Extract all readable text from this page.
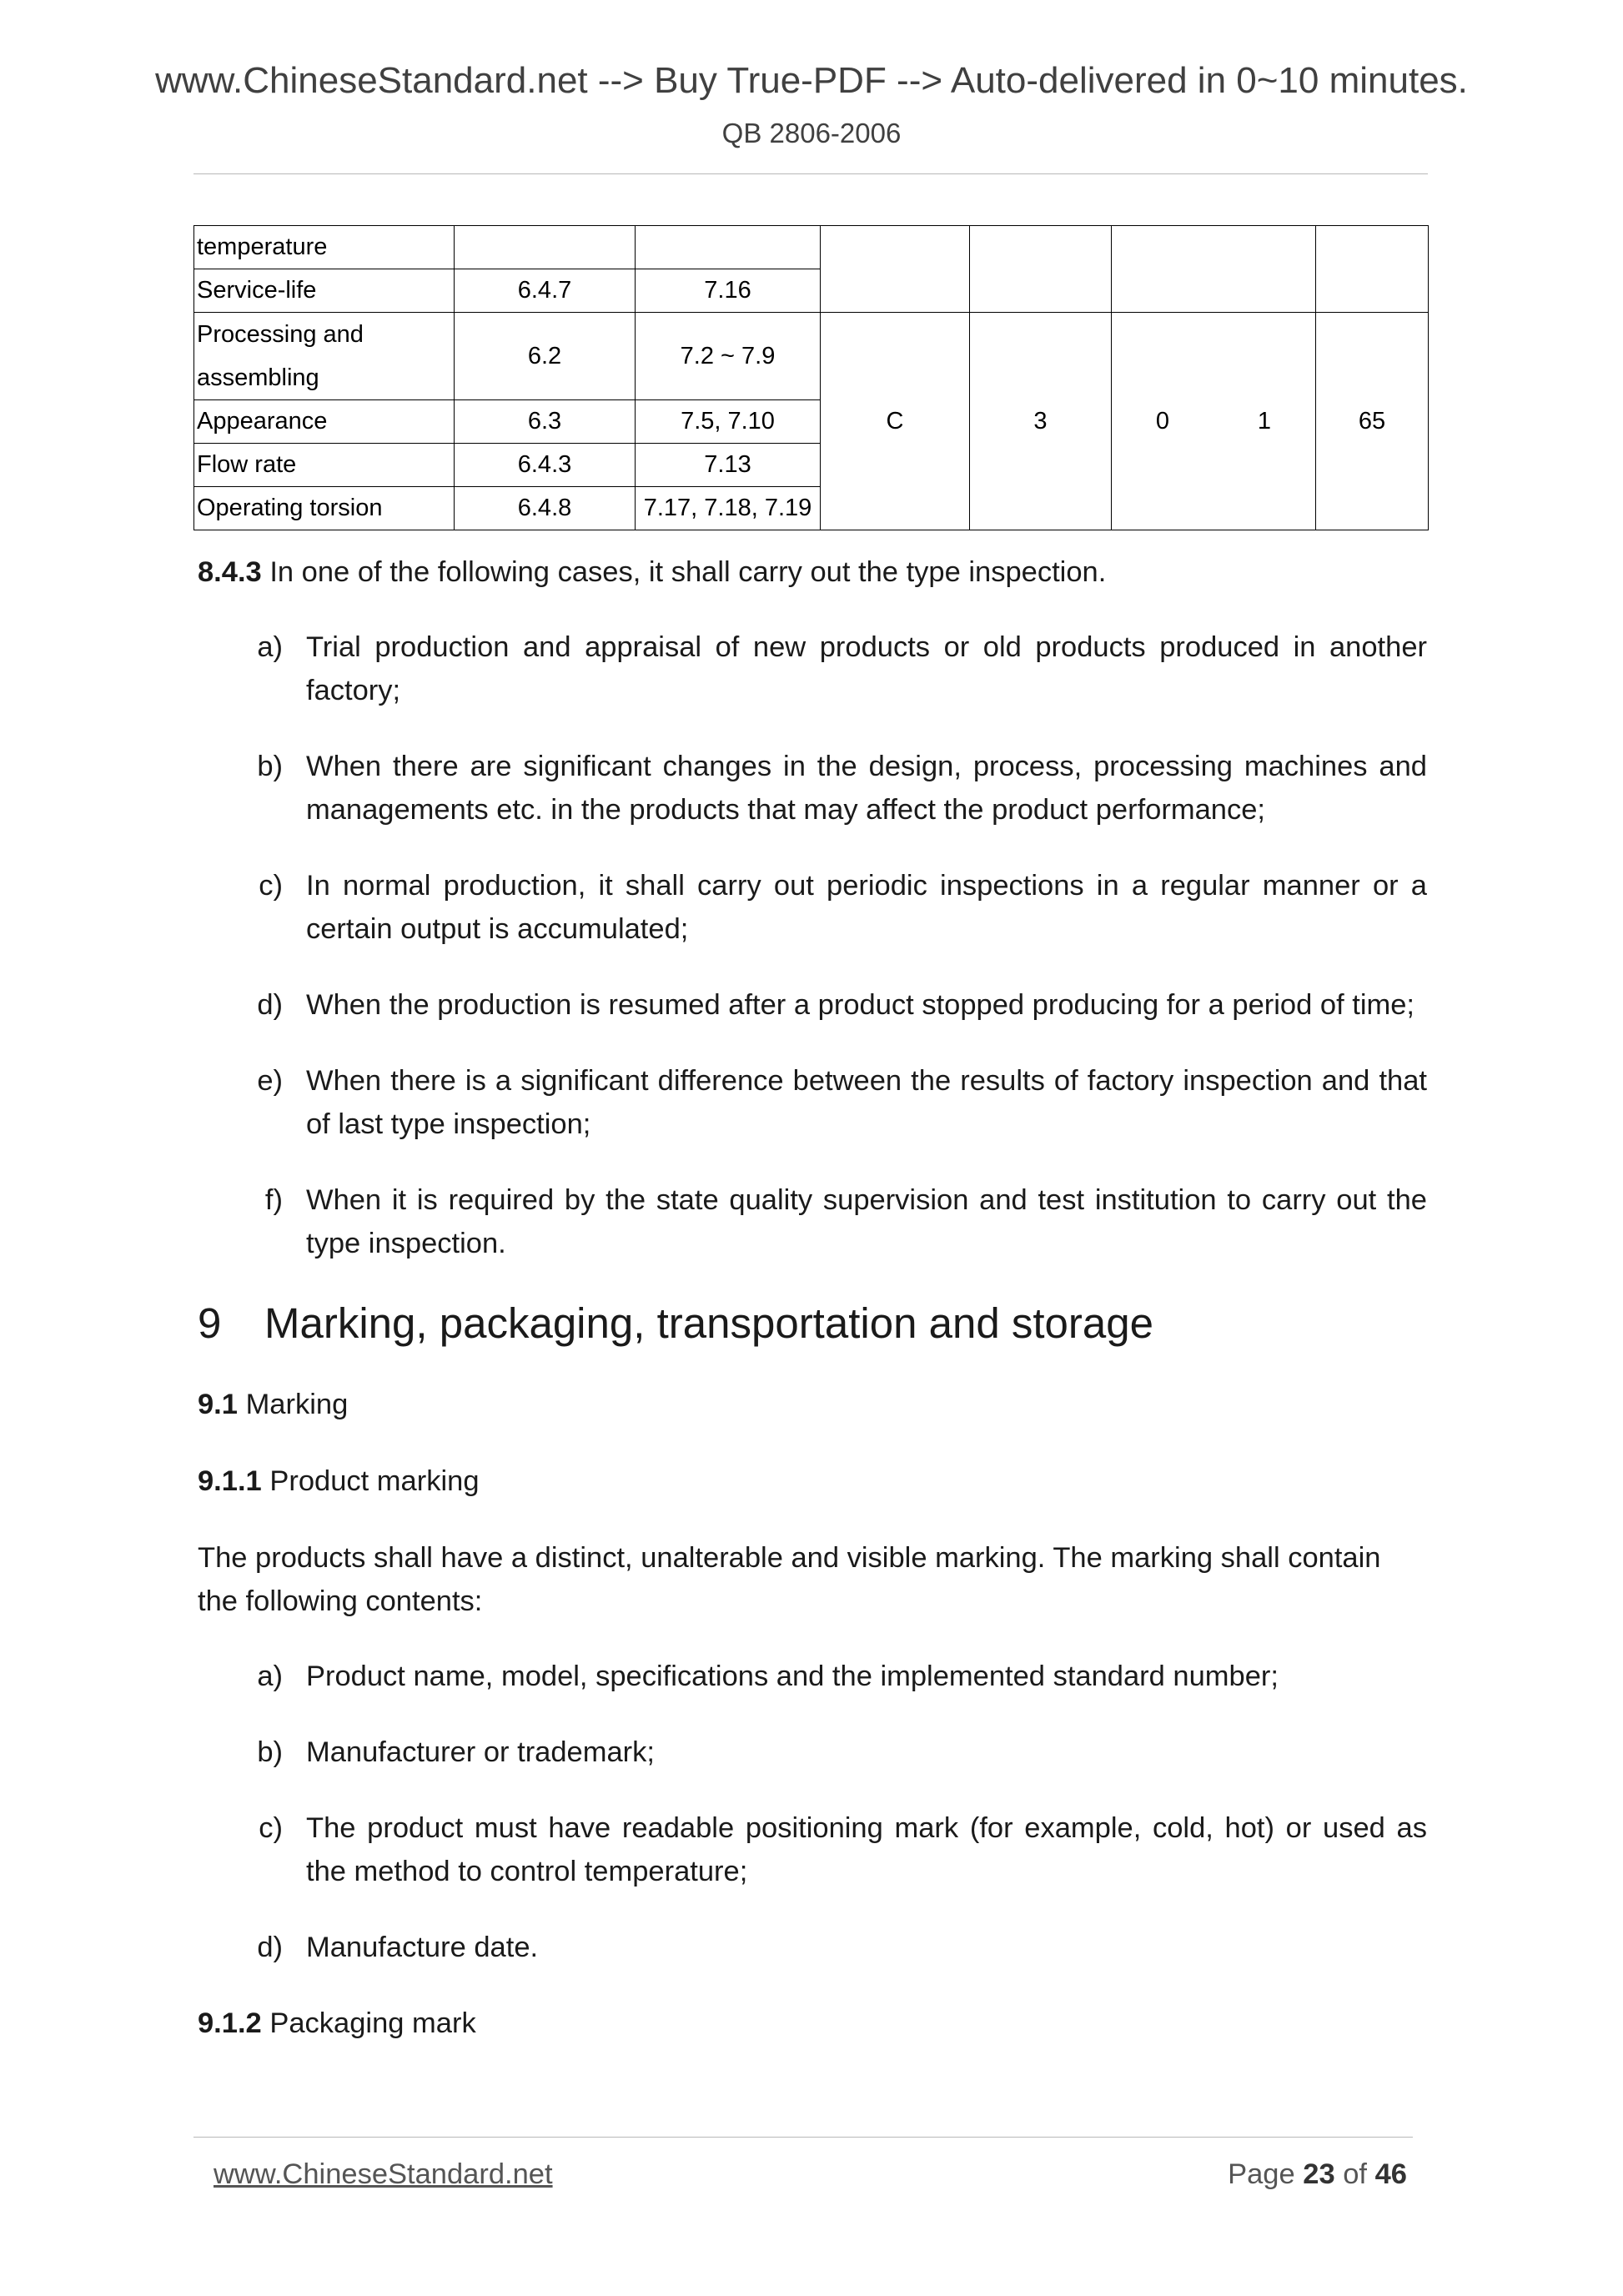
www.ChineseStandard.net --> Buy True-PDF --> Auto-delivered in 0~10 minutes.
QB 2806-2006
temperature						
Service-life	6.4.7	7.16				
Processing and assembling	6.2	7.2 ~ 7.9	C	3	0 1	65
Appearance	6.3	7.5, 7.10				
Flow rate	6.4.3	7.13				
Operating torsion	6.4.8	7.17, 7.18, 7.19				

8.4.3 In one of the following cases, it shall carry out the type inspection.

a) Trial production and appraisal of new products or old products produced in another factory;
b) When there are significant changes in the design, process, processing machines and managements etc. in the products that may affect the product performance;
c) In normal production, it shall carry out periodic inspections in a regular manner or a certain output is accumulated;
d) When the production is resumed after a product stopped producing for a period of time;
e) When there is a significant difference between the results of factory inspection and that of last type inspection;
f) When it is required by the state quality supervision and test institution to carry out the type inspection.
9	Marking, packaging, transportation and storage

9.1 Marking

9.1.1 Product marking

The products shall have a distinct, unalterable and visible marking. The marking shall contain the following contents:

a) Product name, model, specifications and the implemented standard number;
b) Manufacturer or trademark;
c) The product must have readable positioning mark (for example, cold, hot) or used as the method to control temperature;
d) Manufacture date.

9.1.2 Packaging mark

www.ChineseStandard.net	Page 23 of 46
